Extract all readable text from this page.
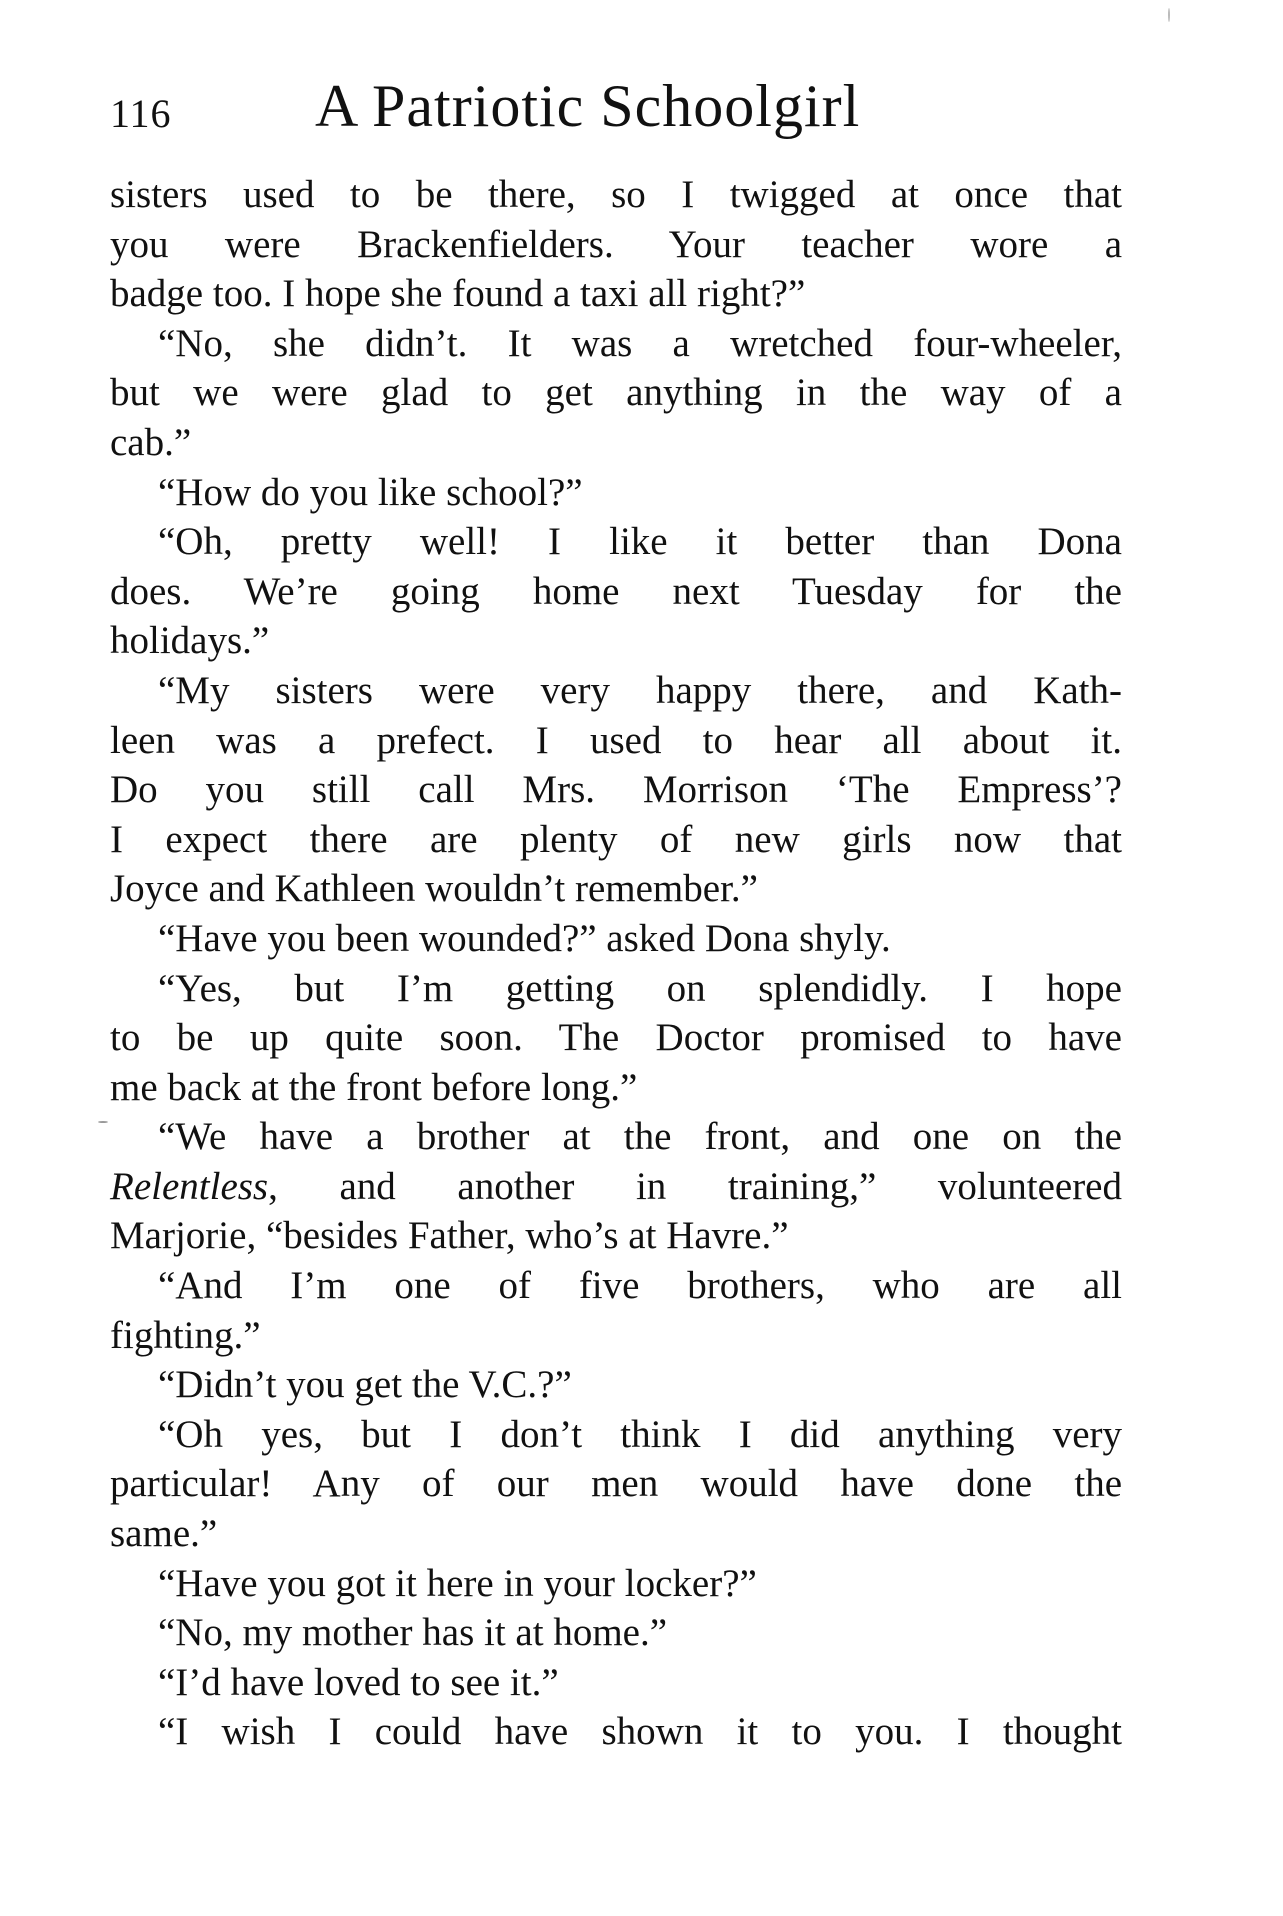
116 A Patriotic Schoolgirl
sisters used to be there, so I twigged at once that
you were Brackenfielders. Your teacher wore a
badge too. I hope she found a taxi all right?”
“No, she didn’t. It was a wretched four-wheeler,
but we were glad to get anything in the way of a
cab.”
“How do you like school?”
“Oh, pretty well! I like it better than Dona
does. We’re going home next Tuesday for the
holidays.”
“My sisters were very happy there, and Kath-
leen was a prefect. I used to hear all about it.
Do you still call Mrs. Morrison ‘The Empress’?
I expect there are plenty of new girls now that
Joyce and Kathleen wouldn’t remember.”
“Have you been wounded?” asked Dona shyly.
“Yes, but I’m getting on splendidly. I hope
to be up quite soon. The Doctor promised to have
me back at the front before long.”
“We have a brother at the front, and one on the
Relentless, and another in training,” volunteered
Marjorie, “besides Father, who’s at Havre.”
“And I’m one of five brothers, who are all
fighting.”
“Didn’t you get the V.C.?”
“Oh yes, but I don’t think I did anything very
particular! Any of our men would have done the
same.”
“Have you got it here in your locker?”
“No, my mother has it at home.”
“I’d have loved to see it.”
“I wish I could have shown it to you. I thought
